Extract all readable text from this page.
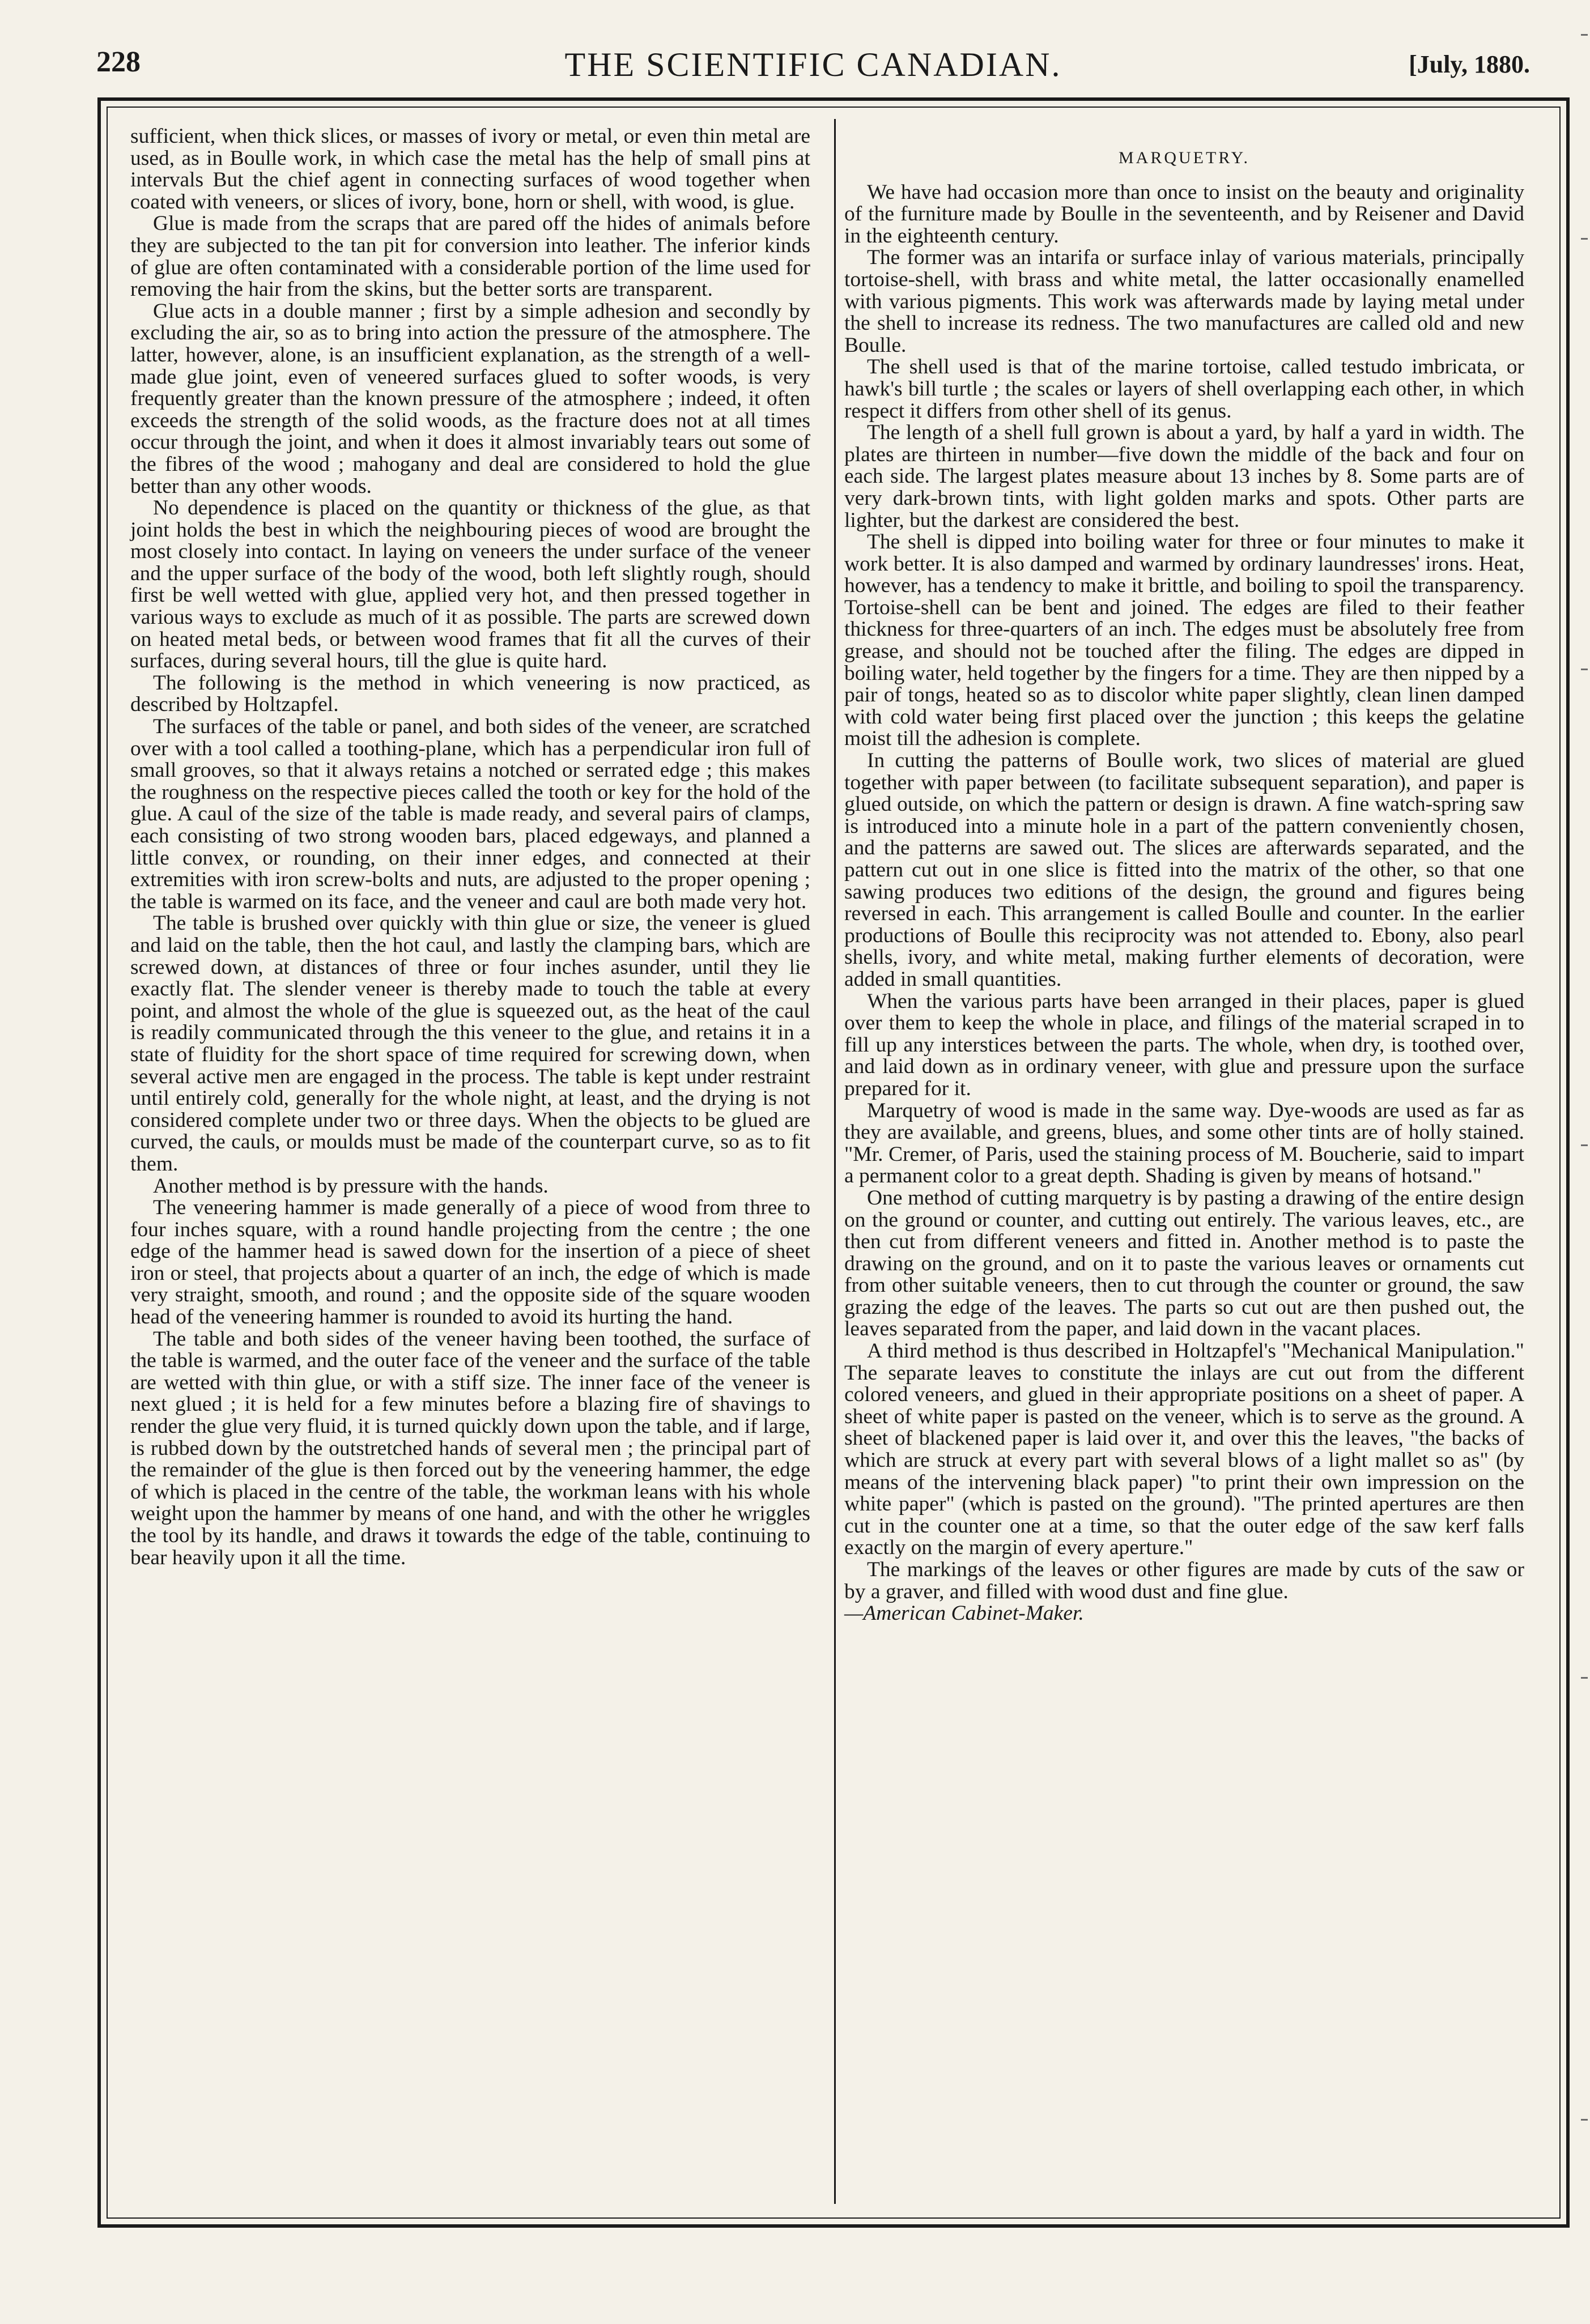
228	THE SCIENTIFIC CANADIAN.	[July, 1880.

sufficient, when thick slices, or masses of ivory or metal, or even thin metal are used, as in Boulle work, in which case the metal has the help of small pins at intervals But the chief agent in connecting surfaces of wood together when coated with veneers, or slices of ivory, bone, horn or shell, with wood, is glue.

Glue is made from the scraps that are pared off the hides of animals before they are subjected to the tan pit for conversion into leather. The inferior kinds of glue are often contaminated with a considerable portion of the lime used for removing the hair from the skins, but the better sorts are transparent.

Glue acts in a double manner ; first by a simple adhesion and secondly by excluding the air, so as to bring into action the pressure of the atmosphere. The latter, however, alone, is an insufficient explanation, as the strength of a well-made glue joint, even of veneered surfaces glued to softer woods, is very frequently greater than the known pressure of the atmosphere ; indeed, it often exceeds the strength of the solid woods, as the fracture does not at all times occur through the joint, and when it does it almost invariably tears out some of the fibres of the wood ; mahogany and deal are considered to hold the glue better than any other woods.

No dependence is placed on the quantity or thickness of the glue, as that joint holds the best in which the neighbouring pieces of wood are brought the most closely into contact. In laying on veneers the under surface of the veneer and the upper surface of the body of the wood, both left slightly rough, should first be well wetted with glue, applied very hot, and then pressed together in various ways to exclude as much of it as possible. The parts are screwed down on heated metal beds, or between wood frames that fit all the curves of their surfaces, during several hours, till the glue is quite hard.

The following is the method in which veneering is now practiced, as described by Holtzapfel.

The surfaces of the table or panel, and both sides of the veneer, are scratched over with a tool called a toothing-plane, which has a perpendicular iron full of small grooves, so that it always retains a notched or serrated edge ; this makes the roughness on the respective pieces called the tooth or key for the hold of the glue. A caul of the size of the table is made ready, and several pairs of clamps, each consisting of two strong wooden bars, placed edgeways, and planned a little convex, or rounding, on their inner edges, and connected at their extremities with iron screw-bolts and nuts, are adjusted to the proper opening ; the table is warmed on its face, and the veneer and caul are both made very hot.

The table is brushed over quickly with thin glue or size, the veneer is glued and laid on the table, then the hot caul, and lastly the clamping bars, which are screwed down, at distances of three or four inches asunder, until they lie exactly flat. The slender veneer is thereby made to touch the table at every point, and almost the whole of the glue is squeezed out, as the heat of the caul is readily communicated through the this veneer to the glue, and retains it in a state of fluidity for the short space of time required for screwing down, when several active men are engaged in the process. The table is kept under restraint until entirely cold, generally for the whole night, at least, and the drying is not considered complete under two or three days. When the objects to be glued are curved, the cauls, or moulds must be made of the counterpart curve, so as to fit them.

Another method is by pressure with the hands.

The veneering hammer is made generally of a piece of wood from three to four inches square, with a round handle projecting from the centre ; the one edge of the hammer head is sawed down for the insertion of a piece of sheet iron or steel, that projects about a quarter of an inch, the edge of which is made very straight, smooth, and round ; and the opposite side of the square wooden head of the veneering hammer is rounded to avoid its hurting the hand.

The table and both sides of the veneer having been toothed, the surface of the table is warmed, and the outer face of the veneer and the surface of the table are wetted with thin glue, or with a stiff size. The inner face of the veneer is next glued ; it is held for a few minutes before a blazing fire of shavings to render the glue very fluid, it is turned quickly down upon the table, and if large, is rubbed down by the outstretched hands of several men ; the principal part of the remainder of the glue is then forced out by the veneering hammer, the edge of which is placed in the centre of the table, the workman leans with his whole weight upon the hammer by means of one hand, and with the other he wriggles the tool by its handle, and draws it towards the edge of the table, continuing to bear heavily upon it all the time.

MARQUETRY.

We have had occasion more than once to insist on the beauty and originality of the furniture made by Boulle in the seventeenth, and by Reisener and David in the eighteenth century.

The former was an intarifa or surface inlay of various materials, principally tortoise-shell, with brass and white metal, the latter occasionally enamelled with various pigments. This work was afterwards made by laying metal under the shell to increase its redness. The two manufactures are called old and new Boulle.

The shell used is that of the marine tortoise, called testudo imbricata, or hawk's bill turtle ; the scales or layers of shell overlapping each other, in which respect it differs from other shell of its genus.

The length of a shell full grown is about a yard, by half a yard in width. The plates are thirteen in number—five down the middle of the back and four on each side. The largest plates measure about 13 inches by 8. Some parts are of very dark-brown tints, with light golden marks and spots. Other parts are lighter, but the darkest are considered the best.

The shell is dipped into boiling water for three or four minutes to make it work better. It is also damped and warmed by ordinary laundresses' irons. Heat, however, has a tendency to make it brittle, and boiling to spoil the transparency. Tortoise-shell can be bent and joined. The edges are filed to their feather thickness for three-quarters of an inch. The edges must be absolutely free from grease, and should not be touched after the filing. The edges are dipped in boiling water, held together by the fingers for a time. They are then nipped by a pair of tongs, heated so as to discolor white paper slightly, clean linen damped with cold water being first placed over the junction ; this keeps the gelatine moist till the adhesion is complete.

In cutting the patterns of Boulle work, two slices of material are glued together with paper between (to facilitate subsequent separation), and paper is glued outside, on which the pattern or design is drawn. A fine watch-spring saw is introduced into a minute hole in a part of the pattern conveniently chosen, and the patterns are sawed out. The slices are afterwards separated, and the pattern cut out in one slice is fitted into the matrix of the other, so that one sawing produces two editions of the design, the ground and figures being reversed in each. This arrangement is called Boulle and counter. In the earlier productions of Boulle this reciprocity was not attended to. Ebony, also pearl shells, ivory, and white metal, making further elements of decoration, were added in small quantities.

When the various parts have been arranged in their places, paper is glued over them to keep the whole in place, and filings of the material scraped in to fill up any interstices between the parts. The whole, when dry, is toothed over, and laid down as in ordinary veneer, with glue and pressure upon the surface prepared for it.

Marquetry of wood is made in the same way. Dye-woods are used as far as they are available, and greens, blues, and some other tints are of holly stained. "Mr. Cremer, of Paris, used the staining process of M. Boucherie, said to impart a permanent color to a great depth. Shading is given by means of hotsand."

One method of cutting marquetry is by pasting a drawing of the entire design on the ground or counter, and cutting out entirely. The various leaves, etc., are then cut from different veneers and fitted in. Another method is to paste the drawing on the ground, and on it to paste the various leaves or ornaments cut from other suitable veneers, then to cut through the counter or ground, the saw grazing the edge of the leaves. The parts so cut out are then pushed out, the leaves separated from the paper, and laid down in the vacant places.

A third method is thus described in Holtzapfel's "Mechanical Manipulation." The separate leaves to constitute the inlays are cut out from the different colored veneers, and glued in their appropriate positions on a sheet of paper. A sheet of white paper is pasted on the veneer, which is to serve as the ground. A sheet of blackened paper is laid over it, and over this the leaves, "the backs of which are struck at every part with several blows of a light mallet so as" (by means of the intervening black paper) "to print their own impression on the white paper" (which is pasted on the ground). "The printed apertures are then cut in the counter one at a time, so that the outer edge of the saw kerf falls exactly on the margin of every aperture."

The markings of the leaves or other figures are made by cuts of the saw or by a graver, and filled with wood dust and fine glue.

—American Cabinet-Maker.
